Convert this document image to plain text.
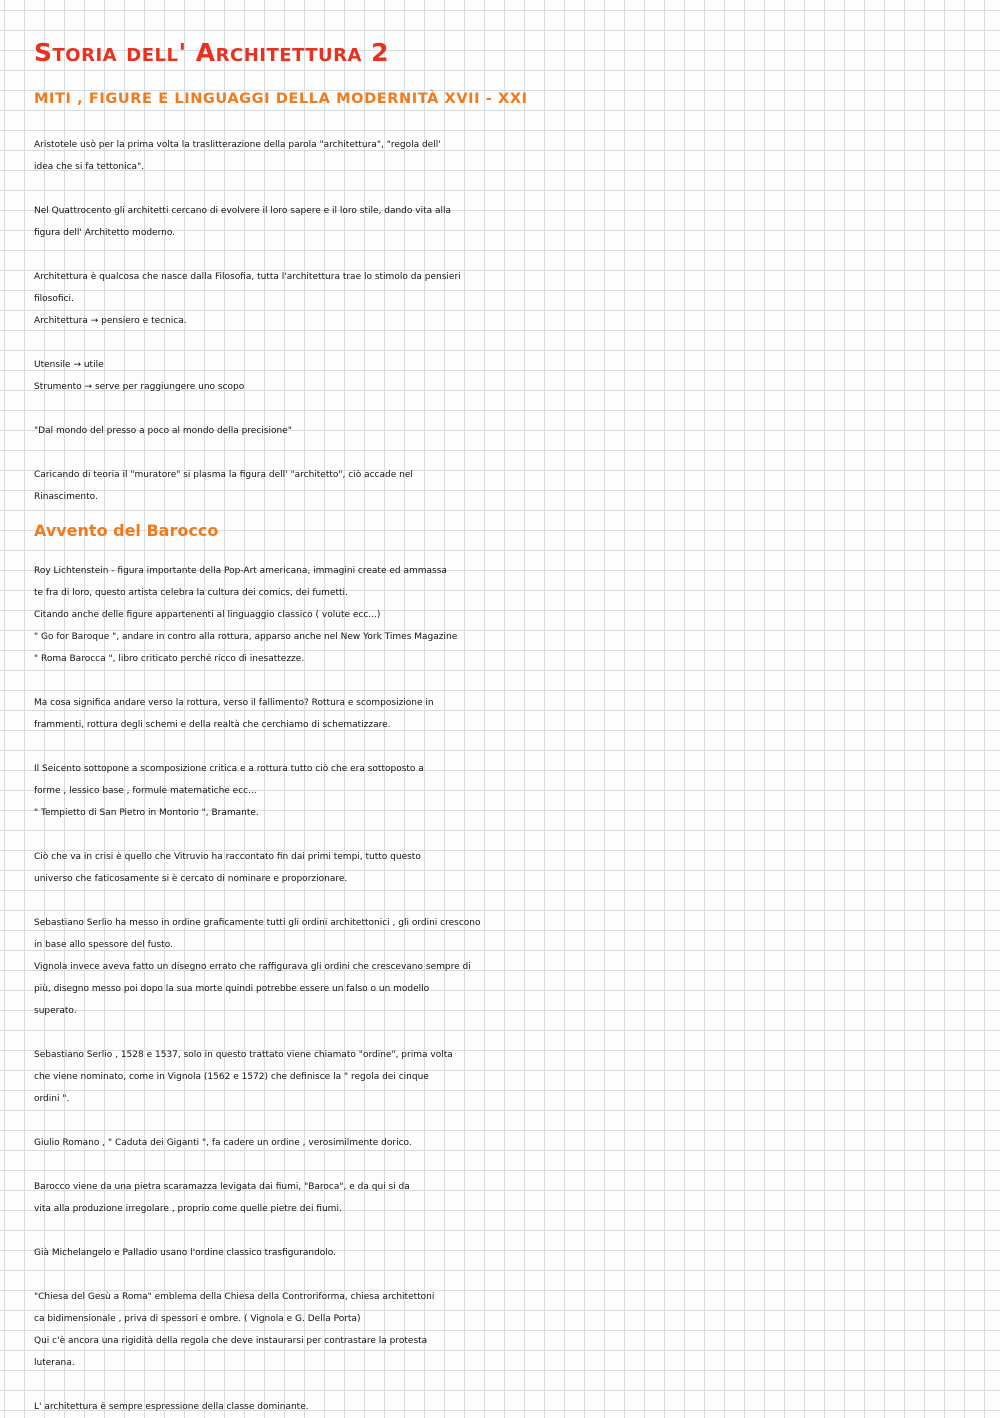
Storia dell' Architettura 2
MITI , FIGURE E LINGUAGGI DELLA MODERNITÀ XVII - XXI

Aristotele usò per la prima volta la traslitterazione della parola "architettura", "regola dell'
idea che si fa tettonica".

Nel Quattrocento gli architetti cercano di evolvere il loro sapere e il loro stile, dando vita alla
figura dell' Architetto moderno.

Architettura è qualcosa che nasce dalla Filosofia, tutta l'architettura trae lo stimolo da pensieri
filosofici.
Architettura → pensiero e tecnica.

Utensile → utile
Strumento → serve per raggiungere uno scopo

"Dal mondo del presso a poco al mondo della precisione"

Caricando di teoria il "muratore" si plasma la figura dell' "architetto", ciò accade nel
Rinascimento.

Avvento del Barocco

Roy Lichtenstein - figura importante della Pop-Art americana, immagini create ed ammassa
te fra di loro, questo artista celebra la cultura dei comics, dei fumetti.
Citando anche delle figure appartenenti al linguaggio classico ( volute ecc...)
" Go for Baroque ", andare in contro alla rottura, apparso anche nel New York Times Magazine
" Roma Barocca ", libro criticato perché ricco di inesattezze.

Ma cosa significa andare verso la rottura, verso il fallimento? Rottura e scomposizione in
frammenti, rottura degli schemi e della realtà che cerchiamo di schematizzare.

Il Seicento sottopone a scomposizione critica e a rottura tutto ciò che era sottoposto a
forme , lessico base , formule matematiche ecc...
" Tempietto di San Pietro in Montorio ", Bramante.

Ciò che va in crisi è quello che Vitruvio ha raccontato fin dai primi tempi, tutto questo
universo che faticosamente si è cercato di nominare e proporzionare.

Sebastiano Serlio ha messo in ordine graficamente tutti gli ordini architettonici , gli ordini crescono
in base allo spessore del fusto.
Vignola invece aveva fatto un disegno errato che raffigurava gli ordini che crescevano sempre di
più, disegno messo poi dopo la sua morte quindi potrebbe essere un falso o un modello
superato.

Sebastiano Serlio , 1528 e 1537, solo in questo trattato viene chiamato "ordine", prima volta
che viene nominato, come in Vignola (1562 e 1572) che definisce la " regola dei cinque
ordini ".

Giulio Romano , " Caduta dei Giganti ", fa cadere un ordine , verosimilmente dorico.

Barocco viene da una pietra scaramazza levigata dai fiumi, "Baroca", e da qui si da
vita alla produzione irregolare , proprio come quelle pietre dei fiumi.

Già Michelangelo e Palladio usano l'ordine classico trasfigurandolo.

"Chiesa del Gesù a Roma" emblema della Chiesa della Controriforma, chiesa architettoni
ca bidimensionale , priva di spessori e ombre. ( Vignola e G. Della Porta)
Qui c'è ancora una rigidità della regola che deve instaurarsi per contrastare la protesta
luterana.

L' architettura è sempre espressione della classe dominante.
